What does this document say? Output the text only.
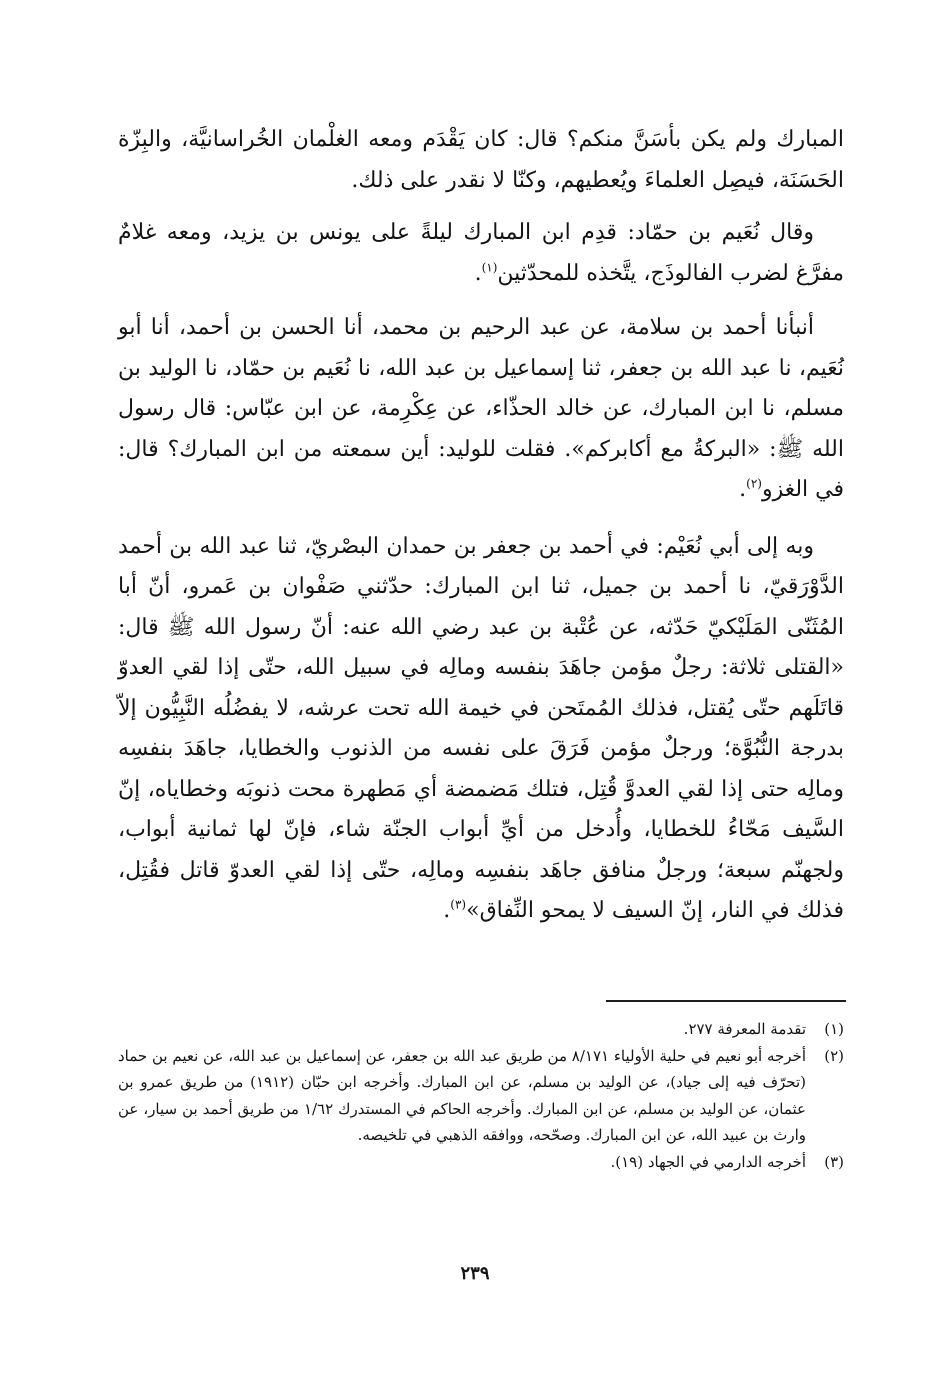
المبارك ولم يكن بأسَنَّ منكم؟ قال: كان يَقْدَم ومعه الغلْمان الخُراسانيَّة، والبِزّة الحَسَنَة، فيصِل العلماءَ ويُعطيهم، وكنّا لا نقدر على ذلك.

وقال نُعَيم بن حمّاد: قدِم ابن المبارك ليلةً على يونس بن يزيد، ومعه غلامٌ مفرَّغ لضرب الفالوذَج، يتَّخذه للمحدّثين$^{(١)}$.

أنبأنا أحمد بن سلامة، عن عبد الرحيم بن محمد، أنا الحسن بن أحمد، أنا أبو نُعَيم، نا عبد الله بن جعفر، ثنا إسماعيل بن عبد الله، نا نُعَيم بن حمّاد، نا الوليد بن مسلم، نا ابن المبارك، عن خالد الحذّاء، عن عِكْرِمة، عن ابن عبّاس: قال رسول الله ﷺ: «البركةُ مع أكابركم». فقلت للوليد: أين سمعته من ابن المبارك؟ قال: في الغزو$^{(٢)}$.

وبه إلى أبي نُعَيْم: في أحمد بن جعفر بن حمدان البصْريّ، ثنا عبد الله بن أحمد الدَّوْرَقيّ، نا أحمد بن جميل، ثنا ابن المبارك: حدّثني صَفْوان بن عَمرو، أنّ أبا المُثَنّى المَلَيْكيّ حَدّثه، عن عُتْبة بن عبد رضي الله عنه: أنّ رسول الله ﷺ قال: «القتلى ثلاثة: رجلٌ مؤمن جاهَدَ بنفسه ومالِه في سبيل الله، حتّى إذا لقي العدوّ قاتَلَهم حتّى يُقتل، فذلك المُمتَحن في خيمة الله تحت عرشه، لا يفضُلُه النَّبِيُّون إلاّ بدرجة النُّبُوَّة؛ ورجلٌ مؤمن فَرَقَ على نفسه من الذنوب والخطايا، جاهَدَ بنفسِه ومالِه حتى إذا لقي العدوَّ قُتِل، فتلك مَضمضة أي مَطهرة محت ذنوبَه وخطاياه، إنّ السَّيف مَحّاءُ للخطايا، وأُدخل من أيِّ أبواب الجنّة شاء، فإنّ لها ثمانية أبواب، ولجهنّم سبعة؛ ورجلٌ منافق جاهَد بنفسِه ومالِه، حتّى إذا لقي العدوّ قاتل فقُتِل، فذلك في النار، إنّ السيف لا يمحو النِّفاق»$^{(٣)}$.

(١)
تقدمة المعرفة ٢٧٧.
(٢)
أخرجه أبو نعيم في حلية الأولياء ٨/١٧١ من طريق عبد الله بن جعفر، عن إسماعيل بن عبد الله، عن نعيم بن حماد (تحرّف فيه إلى جياد)، عن الوليد بن مسلم، عن ابن المبارك. وأخرجه ابن حبّان (١٩١٢) من طريق عمرو بن عثمان، عن الوليد بن مسلم، عن ابن المبارك. وأخرجه الحاكم في المستدرك ١/٦٢ من طريق أحمد بن سيار، عن وارث بن عبيد الله، عن ابن المبارك. وصحّحه، ووافقه الذهبي في تلخيصه.
(٣)
أخرجه الدارمي في الجهاد (١٩).
٢٣٩
